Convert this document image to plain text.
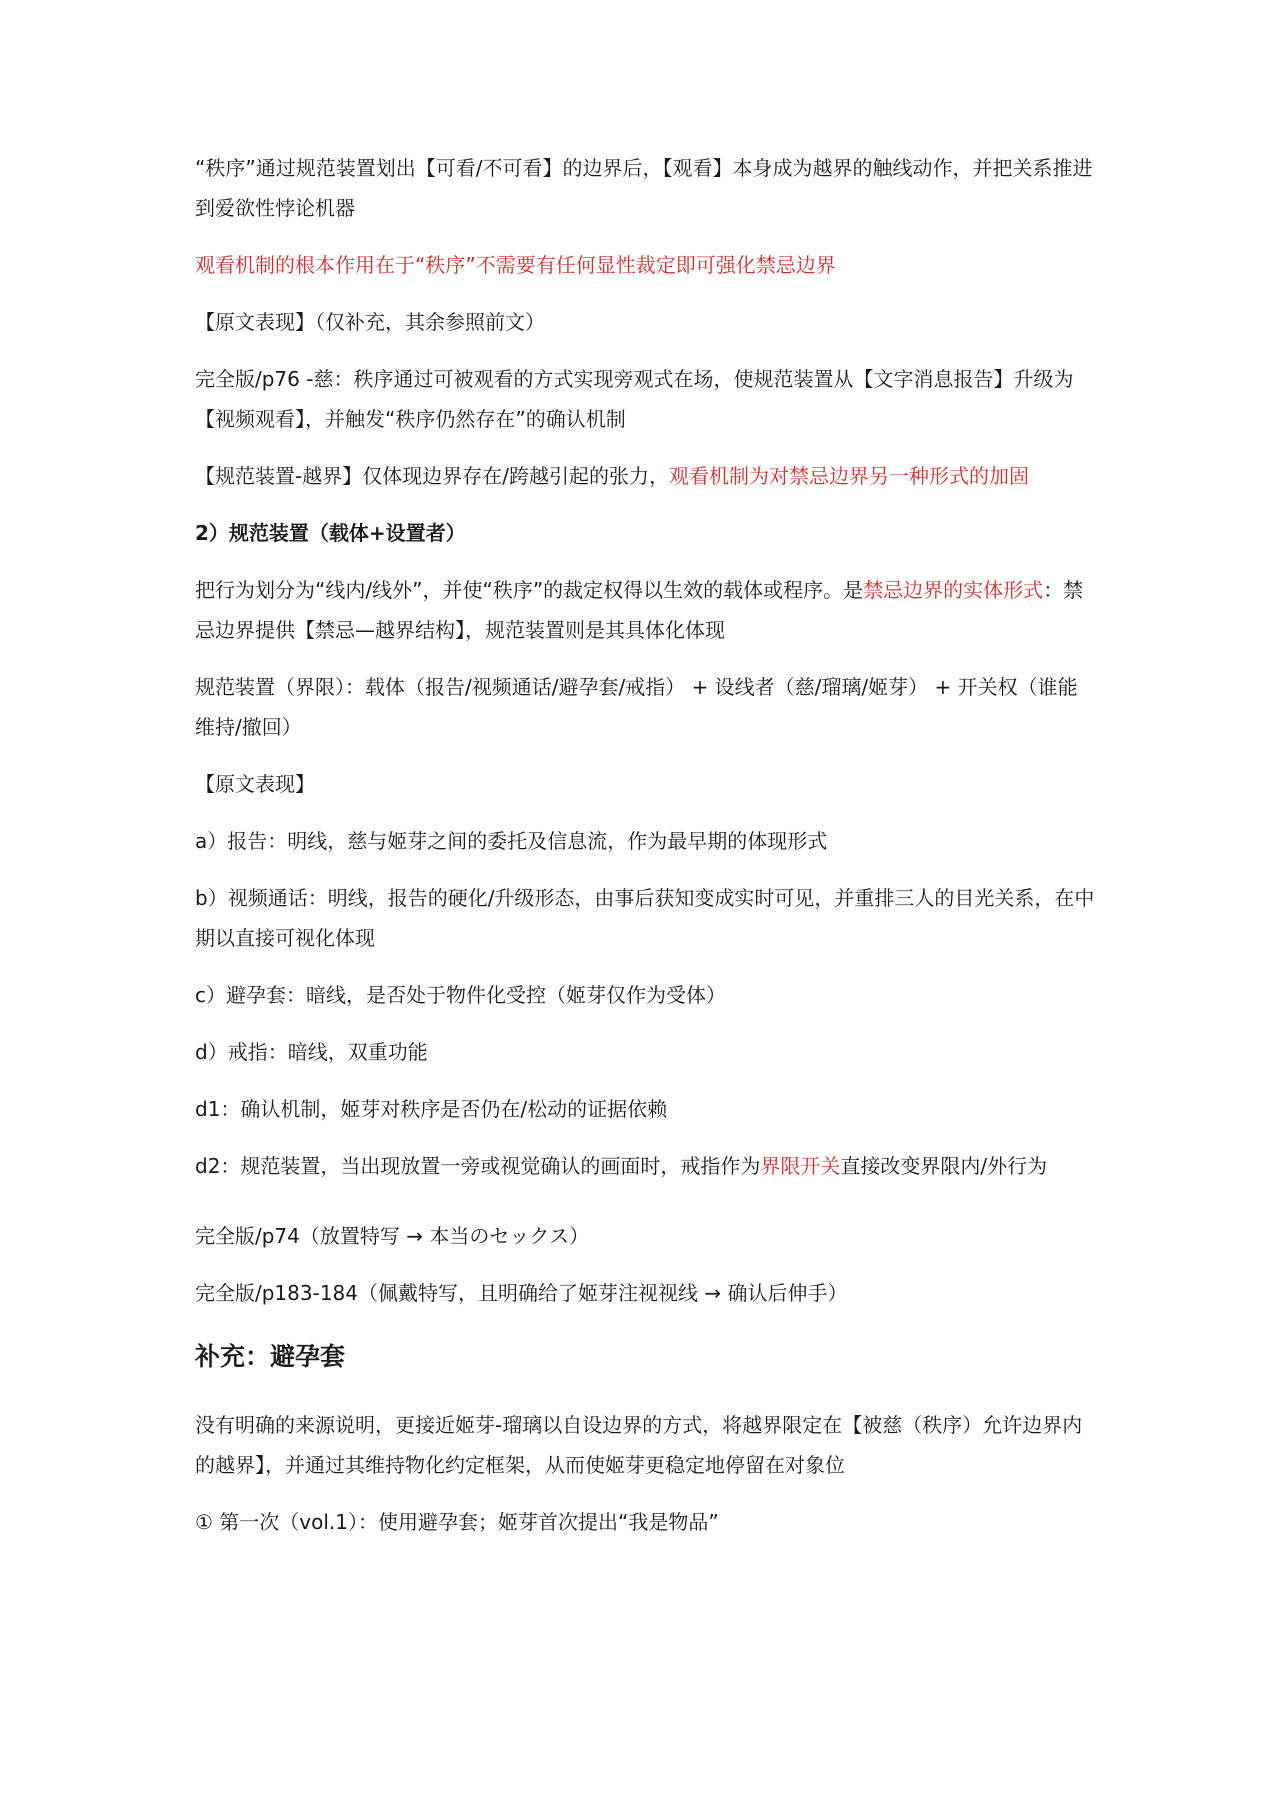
“秩序”通过规范装置划出【可看/不可看】的边界后，【观看】本身成为越界的触线动作，并把关系推进到爱欲性悖论机器

观看机制的根本作用在于“秩序”不需要有任何显性裁定即可强化禁忌边界

【原文表现】（仅补充，其余参照前文）

完全版/p76 -慈：秩序通过可被观看的方式实现旁观式在场，使规范装置从【文字消息报告】升级为【视频观看】，并触发“秩序仍然存在”的确认机制

【规范装置-越界】仅体现边界存在/跨越引起的张力，观看机制为对禁忌边界另一种形式的加固

2）规范装置（载体+设置者）

把行为划分为“线内/线外”，并使“秩序”的裁定权得以生效的载体或程序。是禁忌边界的实体形式：禁忌边界提供【禁忌—越界结构】，规范装置则是其具体化体现

规范装置（界限）：载体（报告/视频通话/避孕套/戒指） + 设线者（慈/瑠璃/姬芽） + 开关权（谁能维持/撤回）

【原文表现】

a）报告：明线，慈与姬芽之间的委托及信息流，作为最早期的体现形式

b）视频通话：明线，报告的硬化/升级形态，由事后获知变成实时可见，并重排三人的目光关系，在中期以直接可视化体现

c）避孕套：暗线，是否处于物件化受控（姬芽仅作为受体）

d）戒指：暗线，双重功能

d1：确认机制，姬芽对秩序是否仍在/松动的证据依赖

d2：规范装置，当出现放置一旁或视觉确认的画面时，戒指作为界限开关直接改变界限内/外行为

完全版/p74（放置特写 → 本当のセックス）

完全版/p183-184（佩戴特写，且明确给了姬芽注视视线 → 确认后伸手）

补充：避孕套

没有明确的来源说明，更接近姬芽-瑠璃以自设边界的方式，将越界限定在【被慈（秩序）允许边界内的越界】，并通过其维持物化约定框架，从而使姬芽更稳定地停留在对象位

① 第一次（vol.1）：使用避孕套；姬芽首次提出“我是物品”
